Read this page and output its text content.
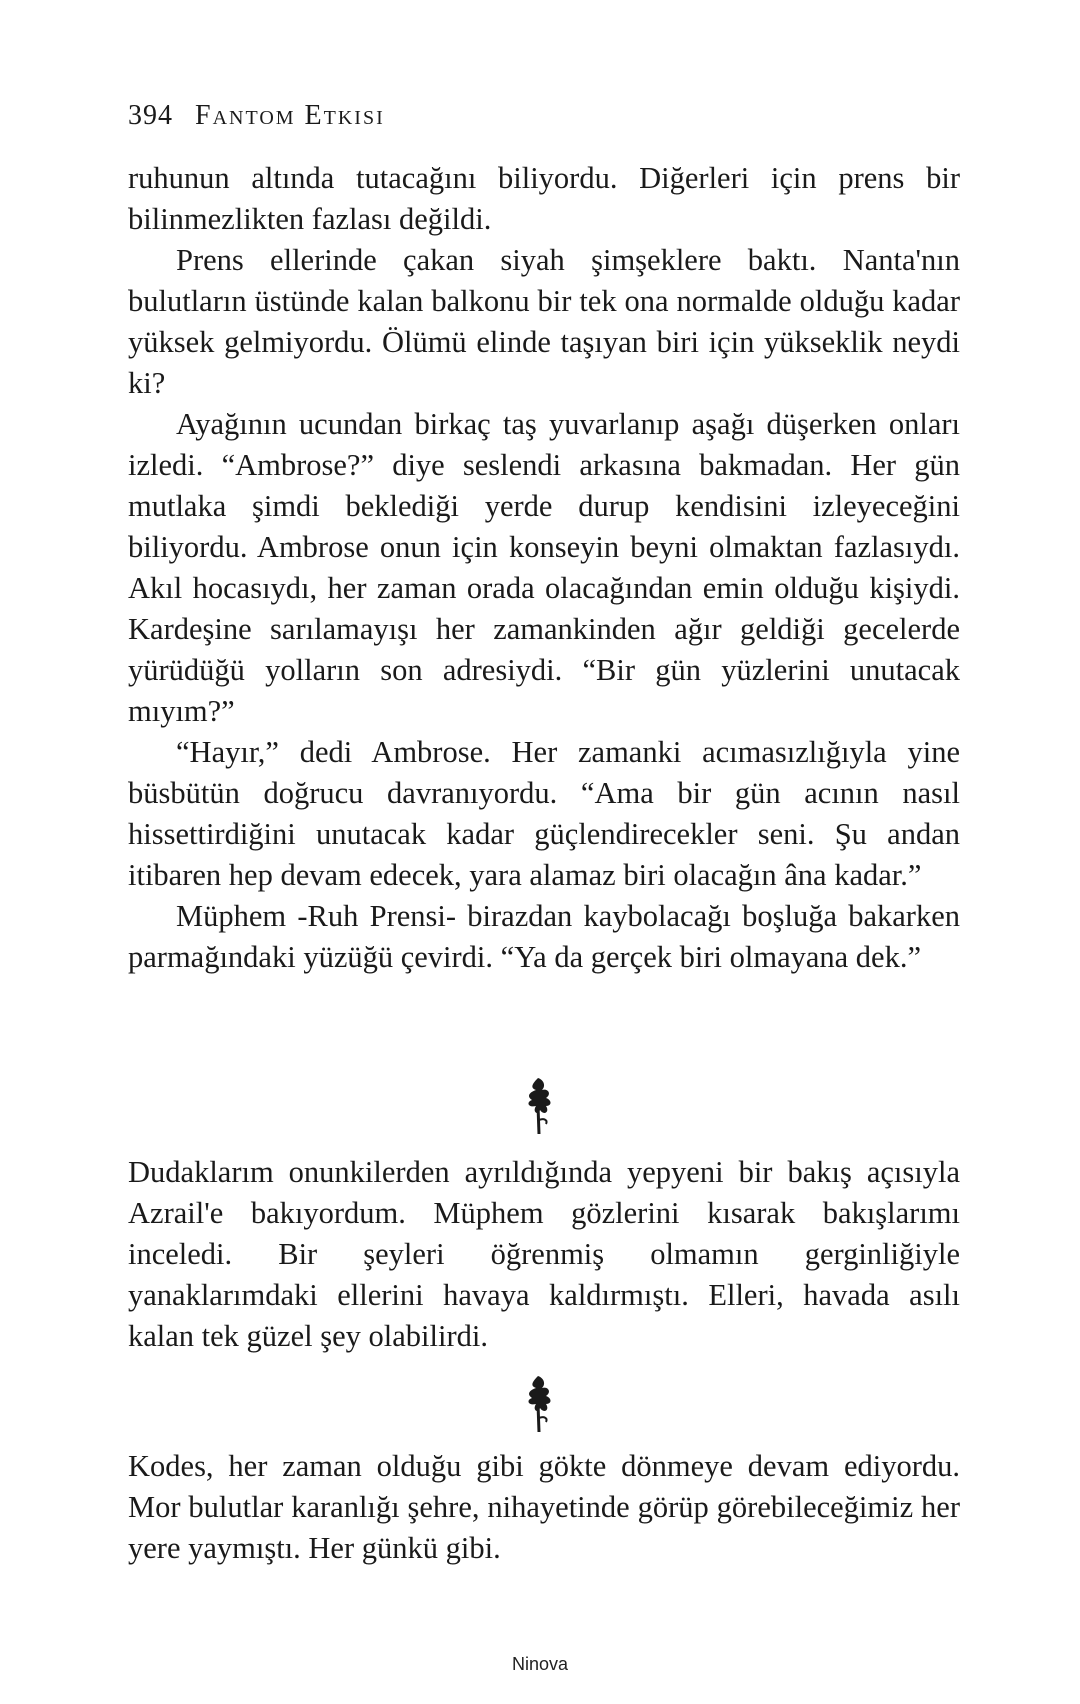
394 Fantom Etkisi

ruhunun altında tutacağını biliyordu. Diğerleri için prens bir bilinmezlikten fazlası değildi.

Prens ellerinde çakan siyah şimşeklere baktı. Nanta'nın bulutların üstünde kalan balkonu bir tek ona normalde olduğu kadar yüksek gelmiyordu. Ölümü elinde taşıyan biri için yükseklik neydi ki?

Ayağının ucundan birkaç taş yuvarlanıp aşağı düşerken onları izledi. “Ambrose?” diye seslendi arkasına bakmadan. Her gün mutlaka şimdi beklediği yerde durup kendisini izleyeceğini biliyordu. Ambrose onun için konseyin beyni olmaktan fazlasıydı. Akıl hocasıydı, her zaman orada olacağından emin olduğu kişiydi. Kardeşine sarılamayışı her zamankinden ağır geldiği gecelerde yürüdüğü yolların son adresiydi. “Bir gün yüzlerini unutacak mıyım?”

“Hayır,” dedi Ambrose. Her zamanki acımasızlığıyla yine büsbütün doğrucu davranıyordu. “Ama bir gün acının nasıl hissettirdiğini unutacak kadar güçlendirecekler seni. Şu andan itibaren hep devam edecek, yara alamaz biri olacağın âna kadar.”

Müphem -Ruh Prensi- birazdan kaybolacağı boşluğa bakarken parmağındaki yüzüğü çevirdi. “Ya da gerçek biri olmayana dek.”

Dudaklarım onunkilerden ayrıldığında yepyeni bir bakış açısıyla Azrail'e bakıyordum. Müphem gözlerini kısarak bakışlarımı inceledi. Bir şeyleri öğrenmiş olmamın gerginliğiyle yanaklarımdaki ellerini havaya kaldırmıştı. Elleri, havada asılı kalan tek güzel şey olabilirdi.

Kodes, her zaman olduğu gibi gökte dönmeye devam ediyordu. Mor bulutlar karanlığı şehre, nihayetinde görüp görebileceğimiz her yere yaymıştı. Her günkü gibi.

Ninova
